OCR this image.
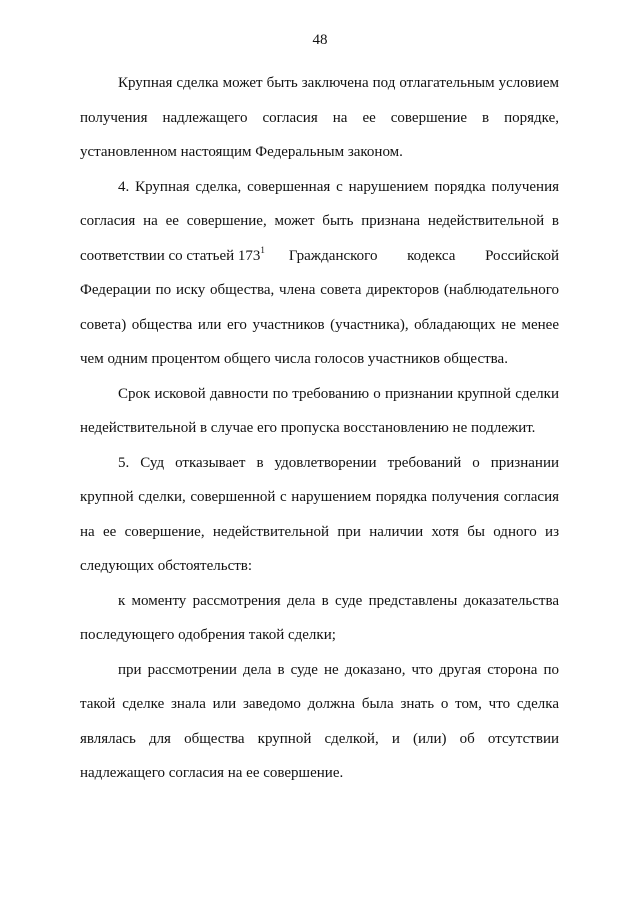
48

Крупная сделка может быть заключена под отлагательным условием
получения надлежащего согласия на ее совершение в порядке,
установленном настоящим Федеральным законом.

4. Крупная сделка, совершенная с нарушением порядка получения
согласия на ее совершение, может быть признана недействительной в
соответствии со статьей $173^1$ Гражданского кодекса Российской
Федерации по иску общества, члена совета директоров (наблюдательного
совета) общества или его участников (участника), обладающих не менее
чем одним процентом общего числа голосов участников общества.

Срок исковой давности по требованию о признании крупной сделки
недействительной в случае его пропуска восстановлению не подлежит.

5. Суд отказывает в удовлетворении требований о признании
крупной сделки, совершенной с нарушением порядка получения согласия
на ее совершение, недействительной при наличии хотя бы одного из
следующих обстоятельств:

к моменту рассмотрения дела в суде представлены доказательства
последующего одобрения такой сделки;

при рассмотрении дела в суде не доказано, что другая сторона по
такой сделке знала или заведомо должна была знать о том, что сделка
являлась для общества крупной сделкой, и (или) об отсутствии
надлежащего согласия на ее совершение.
